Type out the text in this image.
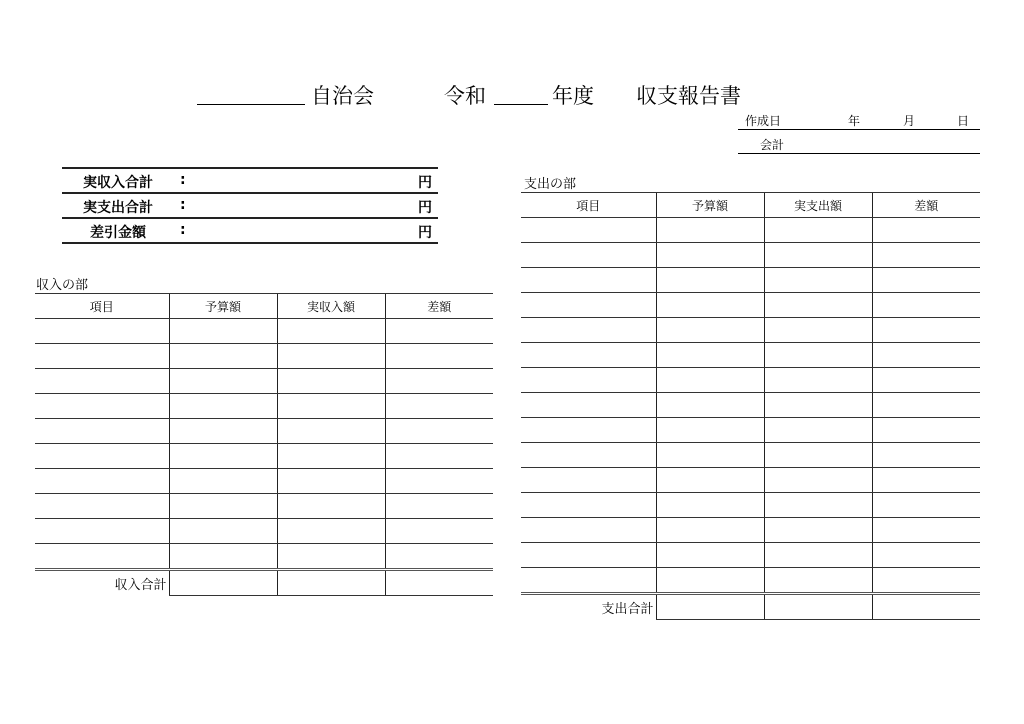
自治会	令和	年度 収支報告書
作成日	年	月	日
会計
実収入合計	:	円
実支出合計	:	円
差引金額	:	円
収入の部
項目	予算額	実収入額	差額

収入合計			
支出の部
項目	予算額	実支出額	差額

支出合計			
